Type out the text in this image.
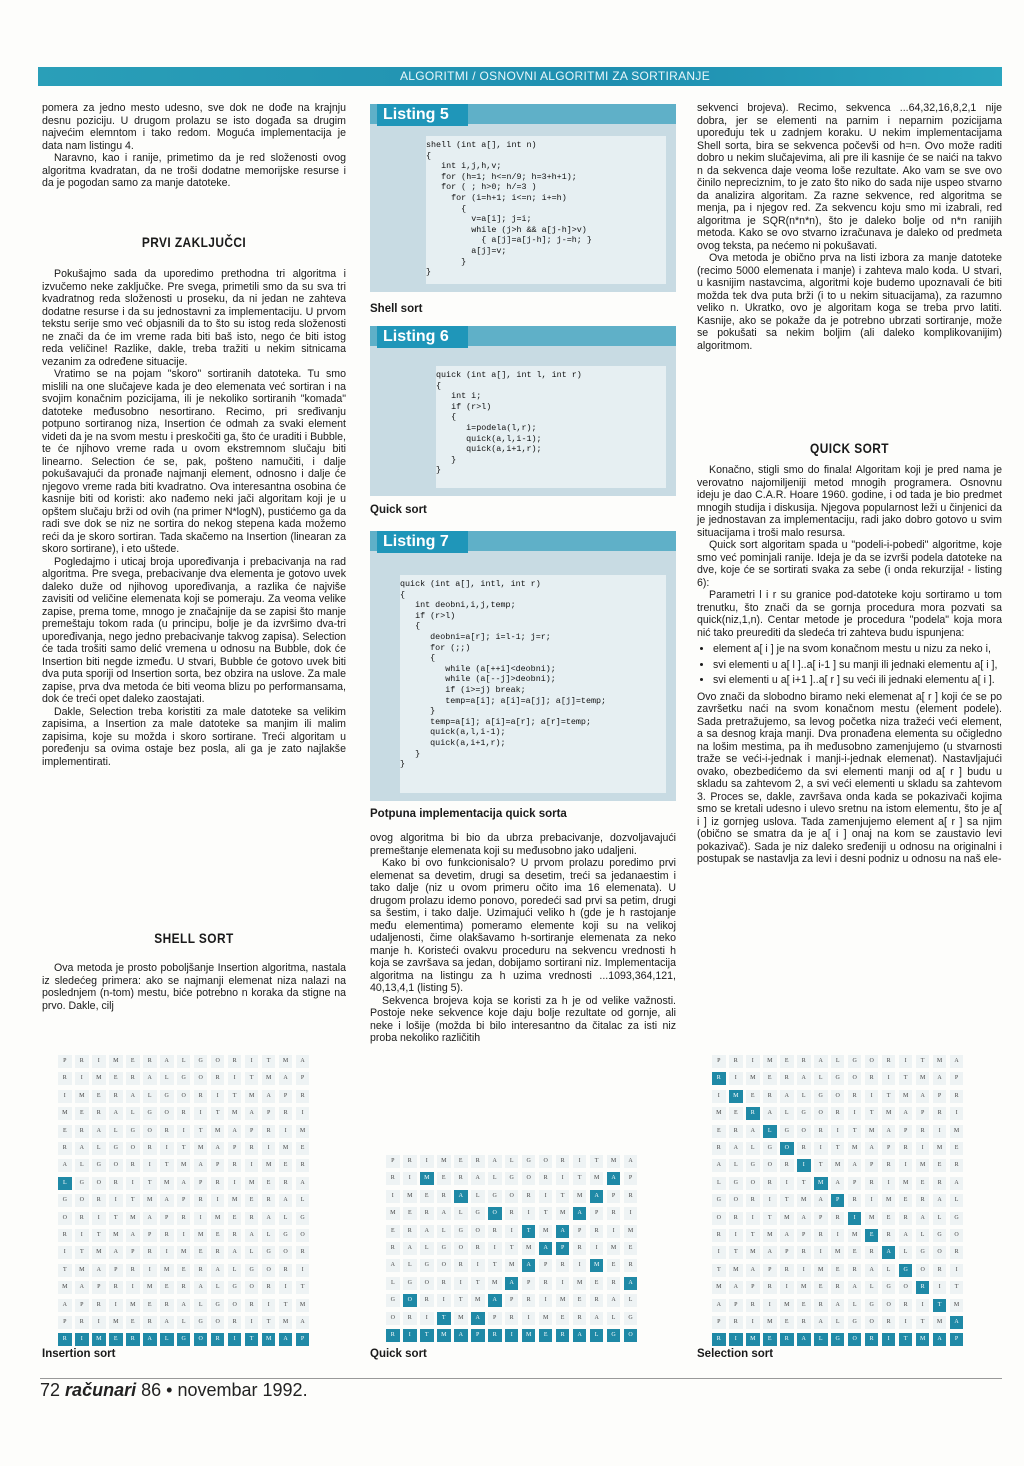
ALGORITMI / OSNOVNI ALGORITMI ZA SORTIRANJE

pomera za jedno mesto udesno, sve dok ne dođe na krajnju desnu poziciju. U drugom prolazu se isto događa sa drugim najvećim elemntom i tako redom. Moguća implementacija je data nam listingu 4.

Naravno, kao i ranije, primetimo da je red složenosti ovog algoritma kvadratan, da ne troši dodatne memorijske resurse i da je pogodan samo za manje datoteke.

PRVI ZAKLJUČCI

Pokušajmo sada da uporedimo prethodna tri algoritma i izvučemo neke zaključke. Pre svega, primetili smo da su sva tri kvadratnog reda složenosti u proseku, da ni jedan ne zahteva dodatne resurse i da su jednostavni za implementaciju. U prvom tekstu serije smo već objasnili da to što su istog reda složenosti ne znači da će im vreme rada biti baš isto, nego će biti istog reda veličine! Razlike, dakle, treba tražiti u nekim sitnicama vezanim za određene situacije.

Vratimo se na pojam "skoro" sortiranih datoteka. Tu smo mislili na one slučajeve kada je deo elemenata već sortiran i na svojim konačnim pozicijama, ili je nekoliko sortiranih "komada" datoteke međusobno nesortirano. Recimo, pri sređivanju potpuno sortiranog niza, Insertion će odmah za svaki element videti da je na svom mestu i preskočiti ga, što će uraditi i Bubble, te će njihovo vreme rada u ovom ekstremnom slučaju biti linearno. Selection će se, pak, pošteno namučiti, i dalje pokušavajući da pronađe najmanji element, odnosno i dalje će njegovo vreme rada biti kvadratno. Ova interesantna osobina će kasnije biti od koristi: ako nađemo neki jači algoritam koji je u opštem slučaju brži od ovih (na primer N*logN), pustićemo ga da radi sve dok se niz ne sortira do nekog stepena kada možemo reći da je skoro sortiran. Tada skačemo na Insertion (linearan za skoro sortirane), i eto uštede.

Pogledajmo i uticaj broja upoređivanja i prebacivanja na rad algoritma. Pre svega, prebacivanje dva elementa je gotovo uvek daleko duže od njihovog upoređivanja, a razlika će najviše zavisiti od veličine elemenata koji se pomeraju. Za veoma velike zapise, prema tome, mnogo je značajnije da se zapisi što manje premeštaju tokom rada (u principu, bolje je da izvršimo dva-tri upoređivanja, nego jedno prebacivanje takvog zapisa). Selection će tada trošiti samo delić vremena u odnosu na Bubble, dok će Insertion biti negde između. U stvari, Bubble će gotovo uvek biti dva puta sporiji od Insertion sorta, bez obzira na uslove. Za male zapise, prva dva metoda će biti veoma blizu po performansama, dok će treći opet daleko zaostajati.

Dakle, Selection treba koristiti za male datoteke sa velikim zapisima, a Insertion za male datoteke sa manjim ili malim zapisima, koje su možda i skoro sortirane. Treći algoritam u poređenju sa ovima ostaje bez posla, ali ga je zato najlakše implementirati.

SHELL SORT

Ova metoda je prosto poboljšanje Insertion algoritma, nastala iz sledećeg primera: ako se najmanji elemenat niza nalazi na poslednjem (n-tom) mestu, biće potrebno n koraka da stigne na prvo. Dakle, cilj

Listing 5
shell (int a[], int n)
{
int i,j,h,v;
for (h=1; h<=n/9; h=3+h+1);
for ( ; h>0; h/=3 )
for (i=h+1; i<=n; i+=h)
{
v=a[i]; j=i;
while (j>h && a[j-h]>v)
{ a[j]=a[j-h]; j-=h; }
a[j]=v;
}
}
Shell sort
Listing 6
quick (int a[], int l, int r)
{
int i;
if (r>l)
{
i=podela(l,r);
quick(a,l,i-1);
quick(a,i+1,r);
}
}
Quick sort
Listing 7
quick (int a[], intl, int r)
{
int deobni,i,j,temp;
if (r>l)
{
deobni=a[r]; i=l-1; j=r;
for (;;)
{
while (a[++i]<deobni);
while (a[--j]>deobni);
if (i>=j) break;
temp=a[i]; a[i]=a[j]; a[j]=temp;
}
temp=a[i]; a[i]=a[r]; a[r]=temp;
quick(a,l,i-1);
quick(a,i+1,r);
}
}
Potpuna implementacija quick sorta

ovog algoritma bi bio da ubrza prebacivanje, dozvoljavajući premeštanje elemenata koji su međusobno jako udaljeni.

Kako bi ovo funkcionisalo? U prvom prolazu poredimo prvi elemenat sa devetim, drugi sa desetim, treći sa jedanaestim i tako dalje (niz u ovom primeru očito ima 16 elemenata). U drugom prolazu idemo ponovo, poredeći sad prvi sa petim, drugi sa šestim, i tako dalje. Uzimajući veliko h (gde je h rastojanje među elementima) pomeramo elemente koji su na velikoj udaljenosti, čime olakšavamo h-sortiranje elemenata za neko manje h. Koristeći ovakvu proceduru na sekvencu vrednosti h koja se završava sa jedan, dobijamo sortirani niz. Implementacija algoritma na listingu za h uzima vrednosti ...1093,364,121, 40,13,4,1 (listing 5).

Sekvenca brojeva koja se koristi za h je od velike važnosti. Postoje neke sekvence koje daju bolje rezultate od gornje, ali neke i lošije (možda bi bilo interesantno da čitalac za isti niz proba nekoliko različitih

sekvenci brojeva). Recimo, sekvenca ...64,32,16,8,2,1 nije dobra, jer se elementi na parnim i neparnim pozicijama upoređuju tek u zadnjem koraku. U nekim implementacijama Shell sorta, bira se sekvenca počevši od h=n. Ovo može raditi dobro u nekim slučajevima, ali pre ili kasnije će se naići na takvo n da sekvenca daje veoma loše rezultate. Ako vam se sve ovo činilo nepreciznim, to je zato što niko do sada nije uspeo stvarno da analizira algoritam. Za razne sekvence, red algoritma se menja, pa i njegov red. Za sekvencu koju smo mi izabrali, red algoritma je SQR(n*n*n), što je daleko bolje od n*n ranijih metoda. Kako se ovo stvarno izračunava je daleko od predmeta ovog teksta, pa nećemo ni pokušavati.

Ova metoda je obično prva na listi izbora za manje datoteke (recimo 5000 elemenata i manje) i zahteva malo koda. U stvari, u kasnijim nastavcima, algoritmi koje budemo upoznavali će biti možda tek dva puta brži (i to u nekim situacijama), za razumno veliko n. Ukratko, ovo je algoritam koga se treba prvo latiti. Kasnije, ako se pokaže da je potrebno ubrzati sortiranje, može se pokušati sa nekim boljim (ali daleko komplikovanijim) algoritmom.

QUICK SORT

Konačno, stigli smo do finala! Algoritam koji je pred nama je verovatno najomiljeniji metod mnogih programera. Osnovnu ideju je dao C.A.R. Hoare 1960. godine, i od tada je bio predmet mnogih studija i diskusija. Njegova popularnost leži u činjenici da je jednostavan za implementaciju, radi jako dobro gotovo u svim situacijama i troši malo resursa.

Quick sort algoritam spada u "podeli-i-pobedi" algoritme, koje smo već pominjali ranije. Ideja je da se izvrši podela datoteke na dve, koje će se sortirati svaka za sebe (i onda rekurzija! - listing 6):

Parametri l i r su granice pod-datoteke koju sortiramo u tom trenutku, što znači da se gornja procedura mora pozvati sa quick(niz,1,n). Centar metode je procedura "podela" koja mora nić tako preurediti da sledeća tri zahteva budu ispunjena:

• element a[ i ] je na svom konačnom mestu u nizu za neko i,
• svi elementi u a[ l ]..a[ i-1 ] su manji ili jednaki elementu a[ i ],
• svi elementi u a[ i+1 ]..a[ r ] su veći ili jednaki elementu a[ i ].

Ovo znači da slobodno biramo neki elemenat a[ r ] koji će se po završetku naći na svom konačnom mestu (element podele). Sada pretražujemo, sa levog početka niza tražeći veći element, a sa desnog kraja manji. Dva pronađena elementa su očigledno na lošim mestima, pa ih međusobno zamenjujemo (u stvarnosti traže se veći-i-jednak i manji-i-jednak elemenat). Nastavljajući ovako, obezbedićemo da svi elementi manji od a[ r ] budu u skladu sa zahtevom 2, a svi veći elementi u skladu sa zahtevom 3. Proces se, dakle, završava onda kada se pokazivači kojima smo se kretali udesno i ulevo sretnu na istom elementu, što je a[ i ] iz gornjeg uslova. Tada zamenjujemo element a[ r ] sa njim (obično se smatra da je a[ i ] onaj na kom se zaustavio levi pokazivač). Sada je niz daleko sređeniji u odnosu na originalni i postupak se nastavlja za levi i desni podniz u odnosu na naš ele-

P	R	I	M	E	R	A	L	G	O	R	I	T	M	A
R	I	M	E	R	A	L	G	O	R	I	T	M	A	P
I	M	E	R	A	L	G	O	R	I	T	M	A	P	R
M	E	R	A	L	G	O	R	I	T	M	A	P	R	I
E	R	A	L	G	O	R	I	T	M	A	P	R	I	M
R	A	L	G	O	R	I	T	M	A	P	R	I	M	E
A	L	G	O	R	I	T	M	A	P	R	I	M	E	R
L	G	O	R	I	T	M	A	P	R	I	M	E	R	A
G	O	R	I	T	M	A	P	R	I	M	E	R	A	L
O	R	I	T	M	A	P	R	I	M	E	R	A	L	G
R	I	T	M	A	P	R	I	M	E	R	A	L	G	O
I	T	M	A	P	R	I	M	E	R	A	L	G	O	R
T	M	A	P	R	I	M	E	R	A	L	G	O	R	I
M	A	P	R	I	M	E	R	A	L	G	O	R	I	T
A	P	R	I	M	E	R	A	L	G	O	R	I	T	M
P	R	I	M	E	R	A	L	G	O	R	I	T	M	A
R	I	M	E	R	A	L	G	O	R	I	T	M	A	P
P	R	I	M	E	R	A	L	G	O	R	I	T	M	A
R	I	M	E	R	A	L	G	O	R	I	T	M	A	P
I	M	E	R	A	L	G	O	R	I	T	M	A	P	R
M	E	R	A	L	G	O	R	I	T	M	A	P	R	I
E	R	A	L	G	O	R	I	T	M	A	P	R	I	M
R	A	L	G	O	R	I	T	M	A	P	R	I	M	E
A	L	G	O	R	I	T	M	A	P	R	I	M	E	R
L	G	O	R	I	T	M	A	P	R	I	M	E	R	A
G	O	R	I	T	M	A	P	R	I	M	E	R	A	L
O	R	I	T	M	A	P	R	I	M	E	R	A	L	G
R	I	T	M	A	P	R	I	M	E	R	A	L	G	O
P	R	I	M	E	R	A	L	G	O	R	I	T	M	A
R	I	M	E	R	A	L	G	O	R	I	T	M	A	P
I	M	E	R	A	L	G	O	R	I	T	M	A	P	R
M	E	R	A	L	G	O	R	I	T	M	A	P	R	I
E	R	A	L	G	O	R	I	T	M	A	P	R	I	M
R	A	L	G	O	R	I	T	M	A	P	R	I	M	E
A	L	G	O	R	I	T	M	A	P	R	I	M	E	R
L	G	O	R	I	T	M	A	P	R	I	M	E	R	A
G	O	R	I	T	M	A	P	R	I	M	E	R	A	L
O	R	I	T	M	A	P	R	I	M	E	R	A	L	G
R	I	T	M	A	P	R	I	M	E	R	A	L	G	O
I	T	M	A	P	R	I	M	E	R	A	L	G	O	R
T	M	A	P	R	I	M	E	R	A	L	G	O	R	I
M	A	P	R	I	M	E	R	A	L	G	O	R	I	T
A	P	R	I	M	E	R	A	L	G	O	R	I	T	M
P	R	I	M	E	R	A	L	G	O	R	I	T	M	A
R	I	M	E	R	A	L	G	O	R	I	T	M	A	P
Insertion sort	Quick sort	Selection sort
72 računari 86 • novembar 1992.
